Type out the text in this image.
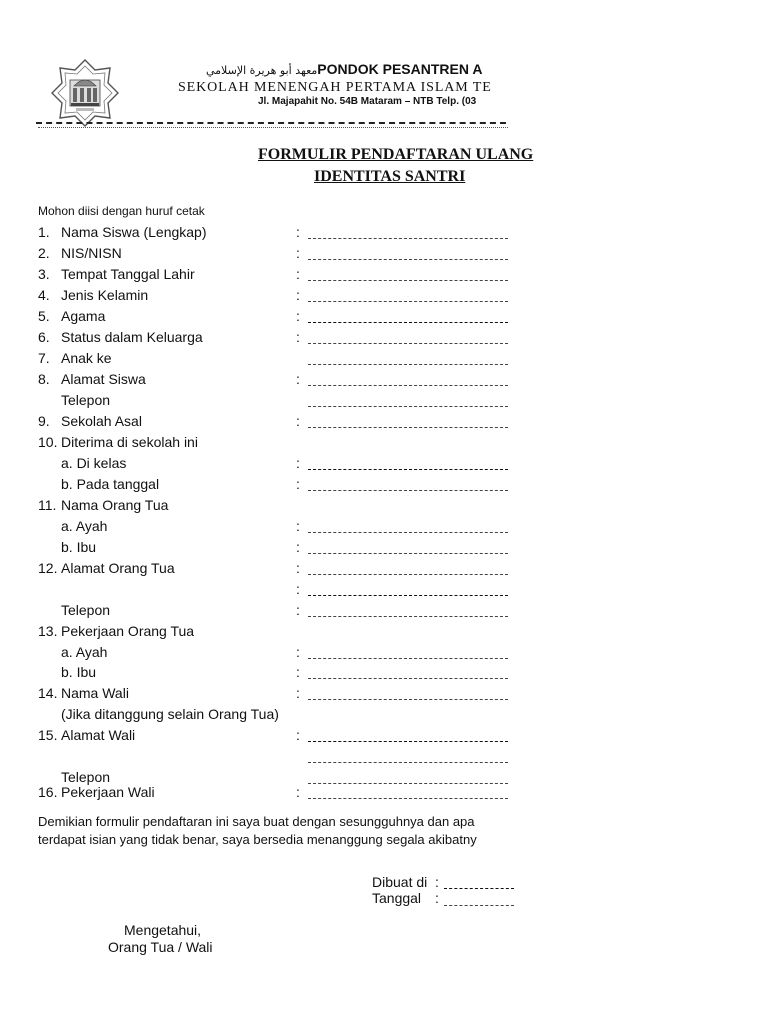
معهد أبو هريرة الإسلاميPONDOK PESANTREN A
SEKOLAH MENENGAH PERTAMA ISLAM TE
Jl. Majapahit No. 54B Mataram – NTB Telp. (03
FORMULIR PENDAFTARAN ULANG
IDENTITAS SANTRI
Mohon diisi dengan huruf cetak
1. Nama Siswa (Lengkap)	:
2. NIS/NISN	:
3. Tempat Tanggal Lahir	:
4. Jenis Kelamin	:
5. Agama	:
6. Status dalam Keluarga	:
7. Anak ke
8. Alamat Siswa	:
Telepon
9. Sekolah Asal	:
10. Diterima di sekolah ini
a. Di kelas	:
b. Pada tanggal	:
11. Nama Orang Tua
a. Ayah	:
b. Ibu	:
12. Alamat Orang Tua	:
:
Telepon	:
13. Pekerjaan Orang Tua
a. Ayah	:
b. Ibu	:
14. Nama Wali	:
(Jika ditanggung selain Orang Tua)
15. Alamat Wali	:
Telepon
16. Pekerjaan Wali	:
Demikian formulir pendaftaran ini saya buat dengan sesungguhnya dan apa
terdapat isian yang tidak benar, saya bersedia menanggung segala akibatny
Dibuat di :
Tanggal :
Mengetahui,
Orang Tua / Wali
